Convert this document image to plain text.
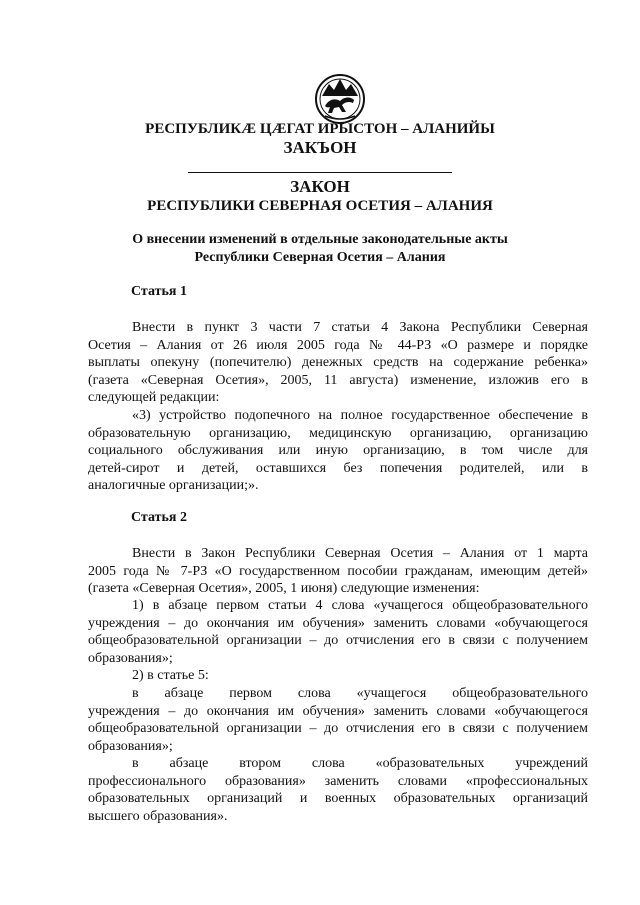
РЕСПУБЛИКÆ ЦÆГАТ ИРЫСТОН – АЛАНИЙЫ
ЗАКЪОН
ЗАКОН
РЕСПУБЛИКИ СЕВЕРНАЯ ОСЕТИЯ – АЛАНИЯ
О внесении изменений в отдельные законодательные акты
Республики Северная Осетия – Алания
Статья 1
Внести в пункт 3 части 7 статьи 4 Закона Республики Северная
Осетия – Алания от 26 июля 2005 года № 44-РЗ «О размере и порядке
выплаты опекуну (попечителю) денежных средств на содержание ребенка»
(газета «Северная Осетия», 2005, 11 августа) изменение, изложив его в
следующей редакции:
«3) устройство подопечного на полное государственное обеспечение в
образовательную организацию, медицинскую организацию, организацию
социального обслуживания или иную организацию, в том числе для
детей-сирот и детей, оставшихся без попечения родителей, или в
аналогичные организации;».
Статья 2
Внести в Закон Республики Северная Осетия – Алания от 1 марта
2005 года № 7-РЗ «О государственном пособии гражданам, имеющим детей»
(газета «Северная Осетия», 2005, 1 июня) следующие изменения:
1) в абзаце первом статьи 4 слова «учащегося общеобразовательного
учреждения – до окончания им обучения» заменить словами «обучающегося
общеобразовательной организации – до отчисления его в связи с получением
образования»;
2) в статье 5:
в абзаце первом слова «учащегося общеобразовательного
учреждения – до окончания им обучения» заменить словами «обучающегося
общеобразовательной организации – до отчисления его в связи с получением
образования»;
в абзаце втором слова «образовательных учреждений
профессионального образования» заменить словами «профессиональных
образовательных организаций и военных образовательных организаций
высшего образования».
